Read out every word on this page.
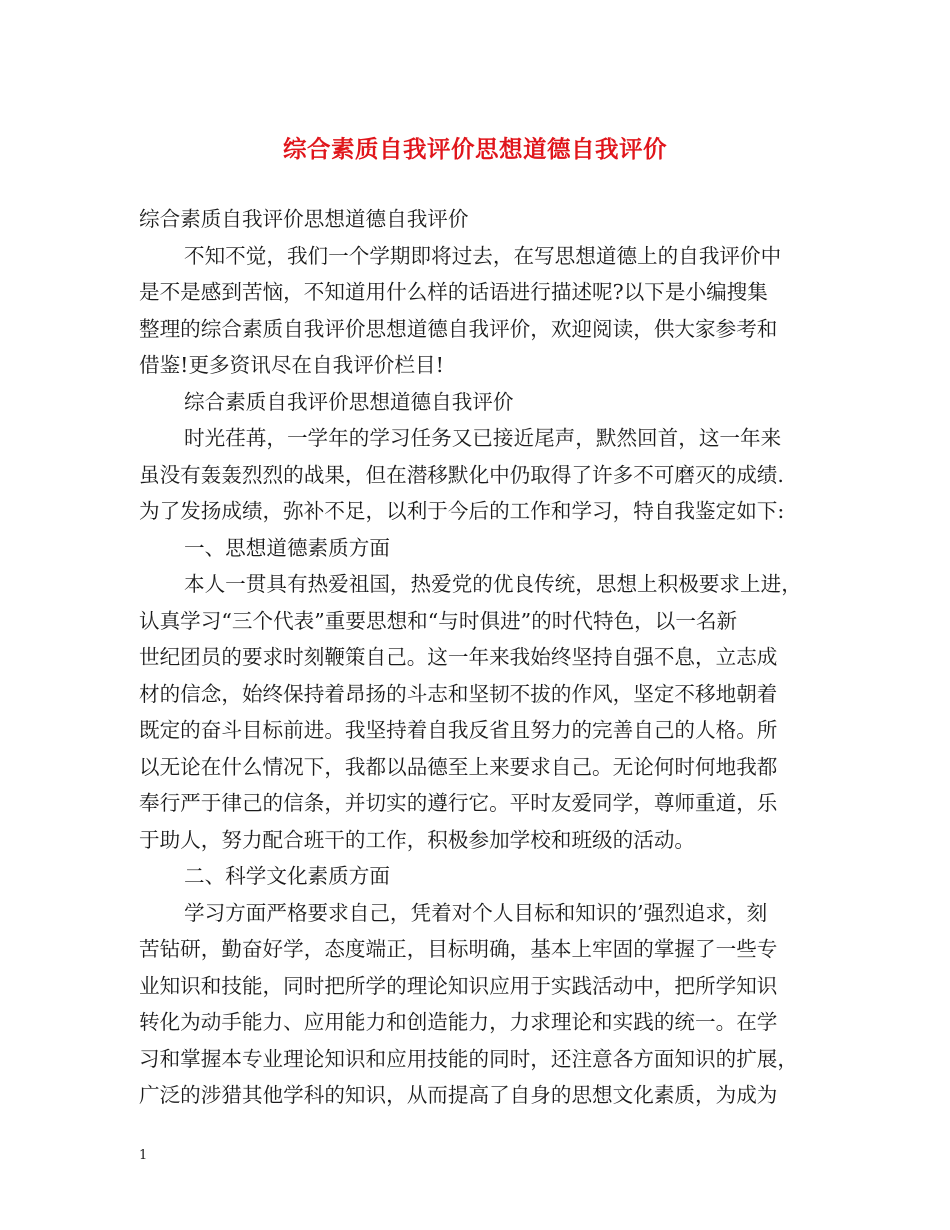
综合素质自我评价思想道德自我评价
综合素质自我评价思想道德自我评价
不知不觉，我们一个学期即将过去，在写思想道德上的自我评价中
是不是感到苦恼，不知道用什么样的话语进行描述呢?以下是小编搜集
整理的综合素质自我评价思想道德自我评价，欢迎阅读，供大家参考和
借鉴!更多资讯尽在自我评价栏目!
综合素质自我评价思想道德自我评价
时光荏苒，一学年的学习任务又已接近尾声，默然回首，这一年来
虽没有轰轰烈烈的战果，但在潜移默化中仍取得了许多不可磨灭的成绩.
为了发扬成绩，弥补不足，以利于今后的工作和学习，特自我鉴定如下:
一、思想道德素质方面
本人一贯具有热爱祖国，热爱党的优良传统，思想上积极要求上进，
认真学习“三个代表”重要思想和“与时俱进”的时代特色，以一名新
世纪团员的要求时刻鞭策自己。这一年来我始终坚持自强不息，立志成
材的信念，始终保持着昂扬的斗志和坚韧不拔的作风，坚定不移地朝着
既定的奋斗目标前进。我坚持着自我反省且努力的完善自己的人格。所
以无论在什么情况下，我都以品德至上来要求自己。无论何时何地我都
奉行严于律己的信条，并切实的遵行它。平时友爱同学，尊师重道，乐
于助人，努力配合班干的工作，积极参加学校和班级的活动。
二、科学文化素质方面
学习方面严格要求自己，凭着对个人目标和知识的’强烈追求，刻
苦钻研，勤奋好学，态度端正，目标明确，基本上牢固的掌握了一些专
业知识和技能，同时把所学的理论知识应用于实践活动中，把所学知识
转化为动手能力、应用能力和创造能力，力求理论和实践的统一。在学
习和掌握本专业理论知识和应用技能的同时，还注意各方面知识的扩展，
广泛的涉猎其他学科的知识，从而提高了自身的思想文化素质，为成为
1
